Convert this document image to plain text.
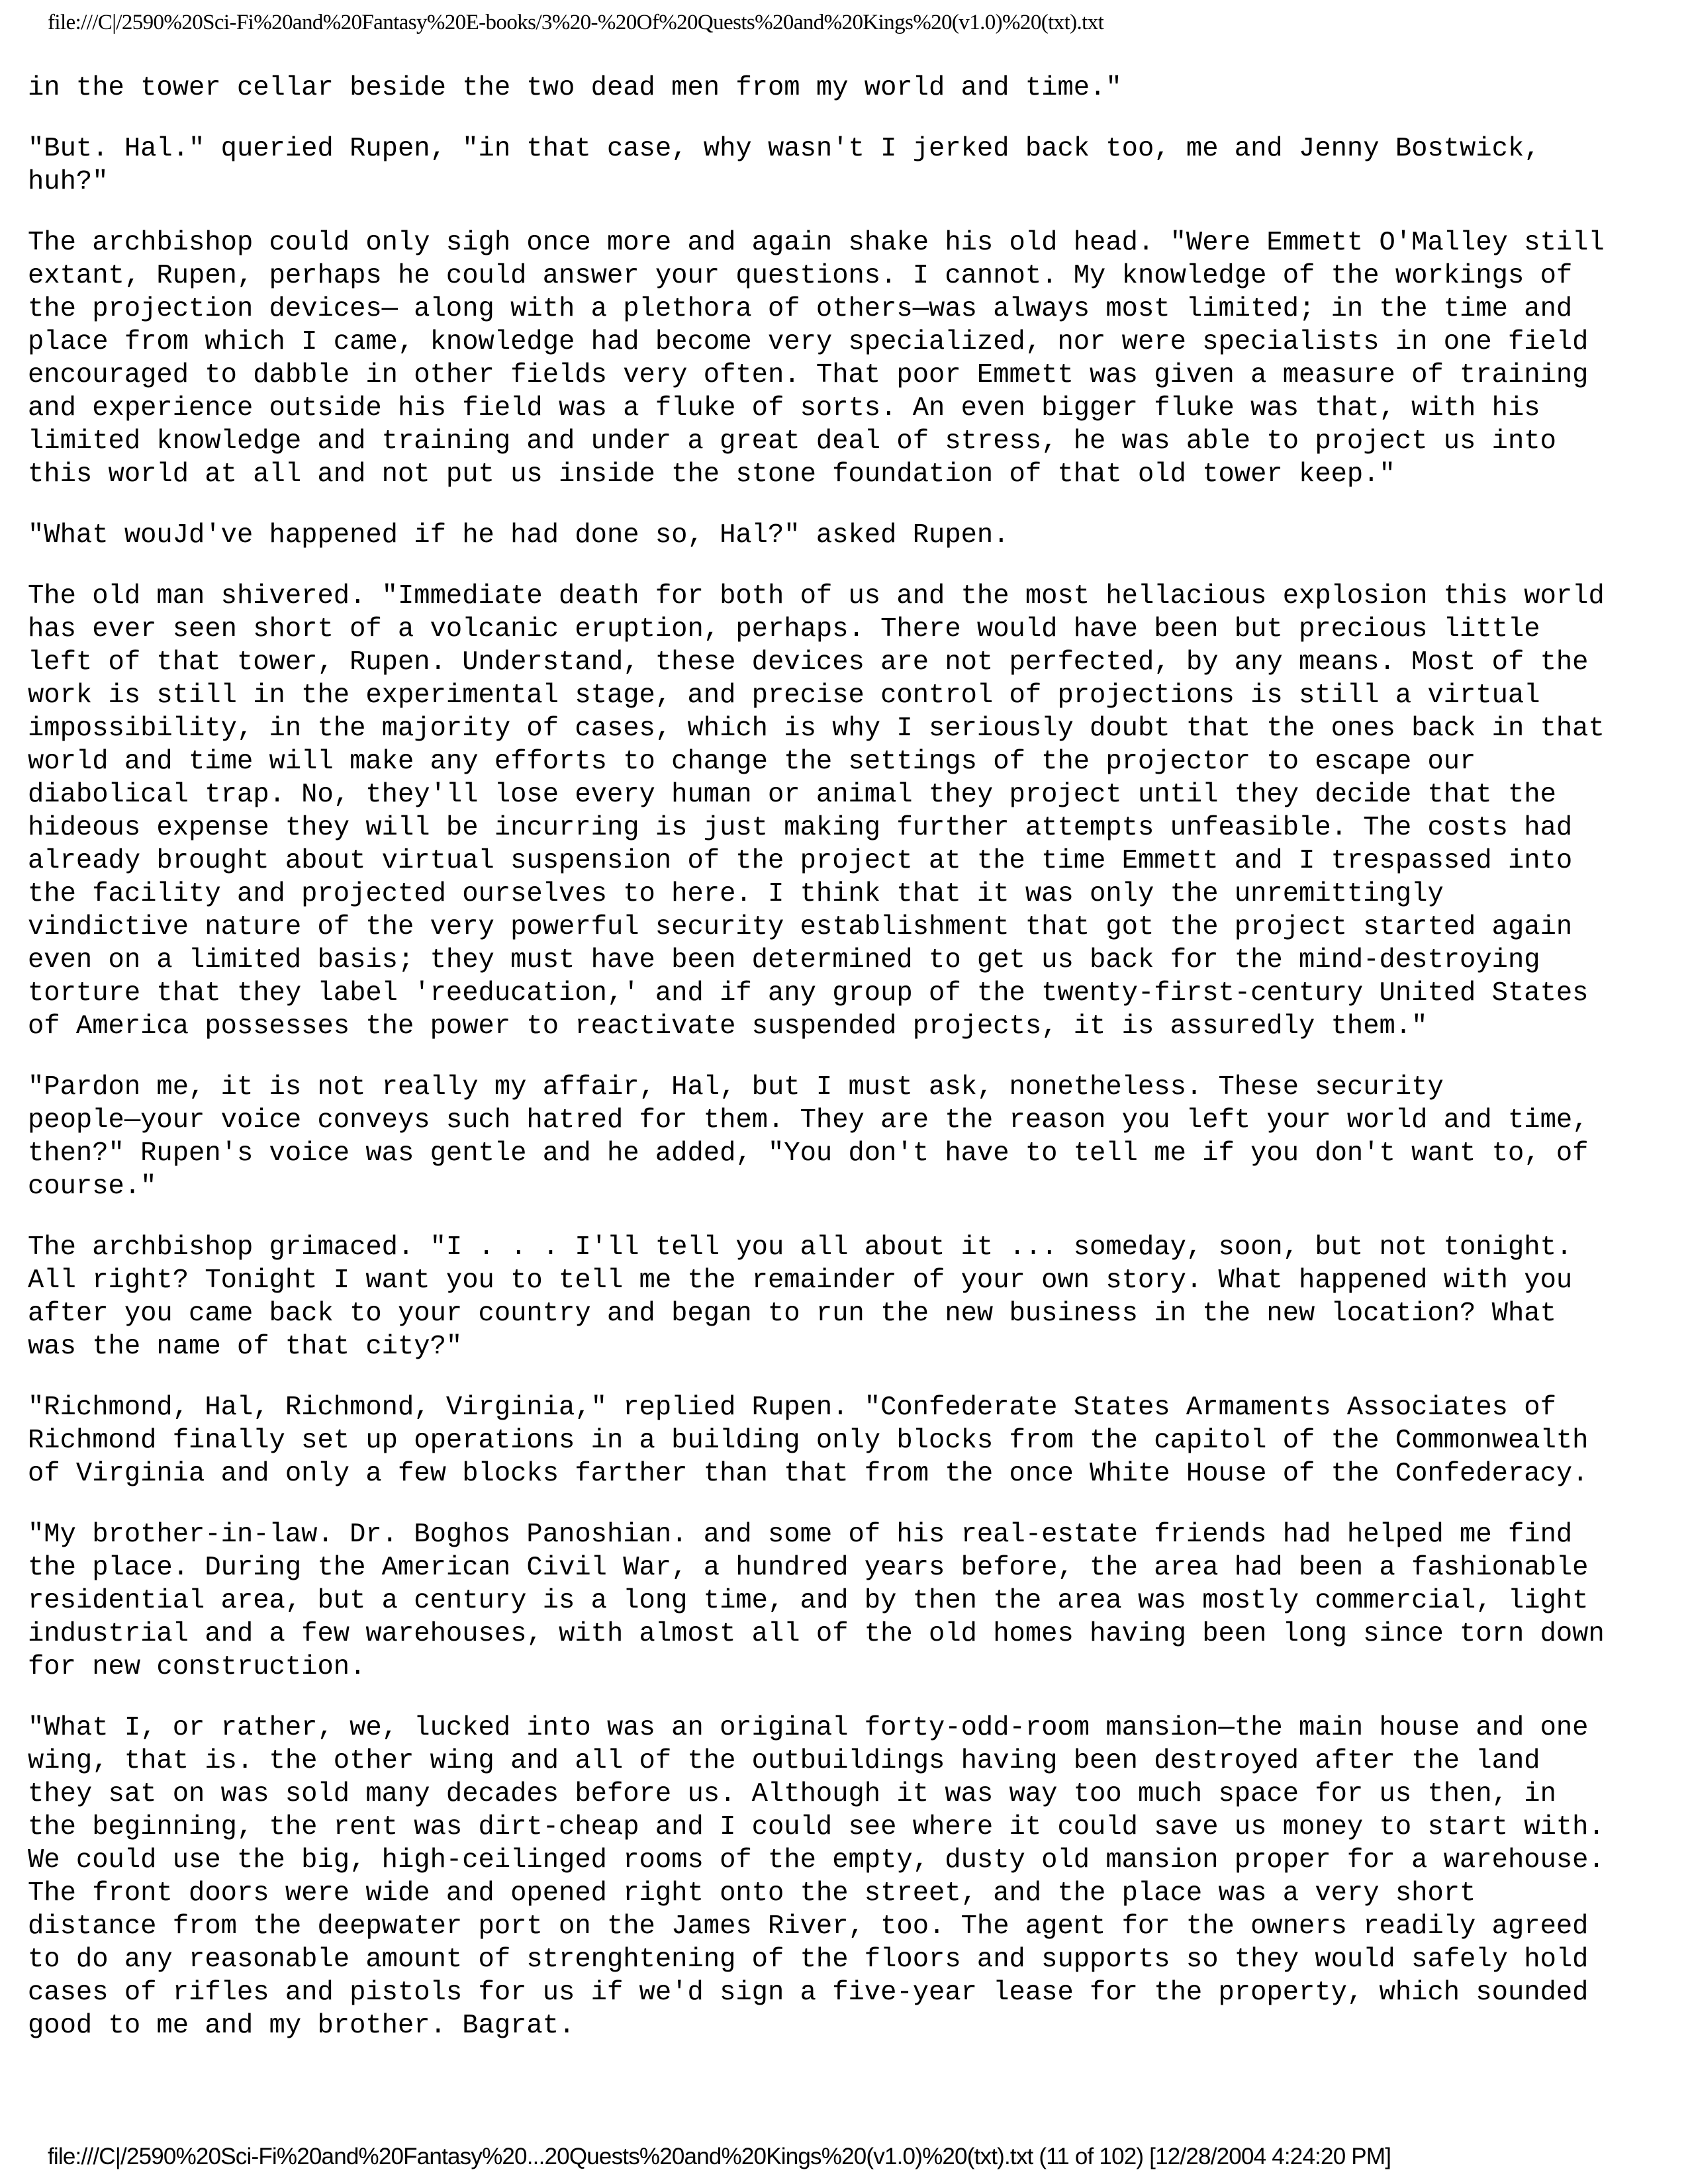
file:///C|/2590%20Sci-Fi%20and%20Fantasy%20E-books/3%20-%20Of%20Quests%20and%20Kings%20(v1.0)%20(txt).txt

in the tower cellar beside the two dead men from my world and time."

"But. Hal." queried Rupen, "in that case, why wasn't I jerked back too, me and Jenny Bostwick,
huh?"

The archbishop could only sigh once more and again shake his old head. "Were Emmett O'Malley still
extant, Rupen, perhaps he could answer your questions. I cannot. My knowledge of the workings of
the projection devices— along with a plethora of others—was always most limited; in the time and
place from which I came, knowledge had become very specialized, nor were specialists in one field
encouraged to dabble in other fields very often. That poor Emmett was given a measure of training
and experience outside his field was a fluke of sorts. An even bigger fluke was that, with his
limited knowledge and training and under a great deal of stress, he was able to project us into
this world at all and not put us inside the stone foundation of that old tower keep."

"What wouJd've happened if he had done so, Hal?" asked Rupen.

The old man shivered. "Immediate death for both of us and the most hellacious explosion this world
has ever seen short of a volcanic eruption, perhaps. There would have been but precious little
left of that tower, Rupen. Understand, these devices are not perfected, by any means. Most of the
work is still in the experimental stage, and precise control of projections is still a virtual
impossibility, in the majority of cases, which is why I seriously doubt that the ones back in that
world and time will make any efforts to change the settings of the projector to escape our
diabolical trap. No, they'll lose every human or animal they project until they decide that the
hideous expense they will be incurring is just making further attempts unfeasible. The costs had
already brought about virtual suspension of the project at the time Emmett and I trespassed into
the facility and projected ourselves to here. I think that it was only the unremittingly
vindictive nature of the very powerful security establishment that got the project started again
even on a limited basis; they must have been determined to get us back for the mind-destroying
torture that they label 'reeducation,' and if any group of the twenty-first-century United States
of America possesses the power to reactivate suspended projects, it is assuredly them."

"Pardon me, it is not really my affair, Hal, but I must ask, nonetheless. These security
people—your voice conveys such hatred for them. They are the reason you left your world and time,
then?" Rupen's voice was gentle and he added, "You don't have to tell me if you don't want to, of
course."

The archbishop grimaced. "I . . . I'll tell you all about it ... someday, soon, but not tonight.
All right? Tonight I want you to tell me the remainder of your own story. What happened with you
after you came back to your country and began to run the new business in the new location? What
was the name of that city?"

"Richmond, Hal, Richmond, Virginia," replied Rupen. "Confederate States Armaments Associates of
Richmond finally set up operations in a building only blocks from the capitol of the Commonwealth
of Virginia and only a few blocks farther than that from the once White House of the Confederacy.

"My brother-in-law. Dr. Boghos Panoshian. and some of his real-estate friends had helped me find
the place. During the American Civil War, a hundred years before, the area had been a fashionable
residential area, but a century is a long time, and by then the area was mostly commercial, light
industrial and a few warehouses, with almost all of the old homes having been long since torn down
for new construction.

"What I, or rather, we, lucked into was an original forty-odd-room mansion—the main house and one
wing, that is. the other wing and all of the outbuildings having been destroyed after the land
they sat on was sold many decades before us. Although it was way too much space for us then, in
the beginning, the rent was dirt-cheap and I could see where it could save us money to start with.
We could use the big, high-ceilinged rooms of the empty, dusty old mansion proper for a warehouse.
The front doors were wide and opened right onto the street, and the place was a very short
distance from the deepwater port on the James River, too. The agent for the owners readily agreed
to do any reasonable amount of strenghtening of the floors and supports so they would safely hold
cases of rifles and pistols for us if we'd sign a five-year lease for the property, which sounded
good to me and my brother. Bagrat.

file:///C|/2590%20Sci-Fi%20and%20Fantasy%20...20Quests%20and%20Kings%20(v1.0)%20(txt).txt (11 of 102) [12/28/2004 4:24:20 PM]
